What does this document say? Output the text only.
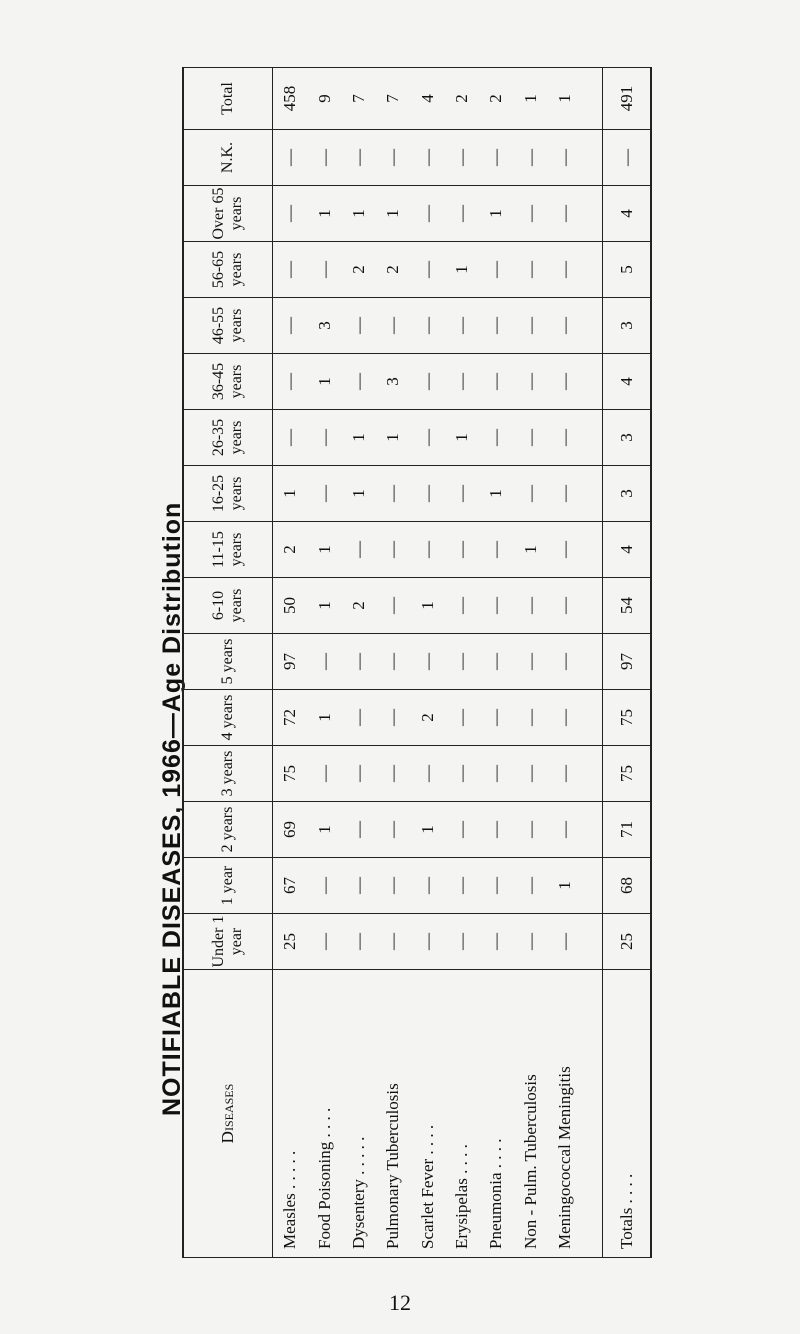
NOTIFIABLE DISEASES, 1966—Age Distribution Diseases	Under 1 year	1 year	2 years	3 years	4 years	5 years	6-10 years	11-15 years	16-25 years	26-35 years	36-45 years	46-55 years	56-65 years	Over 65 years	N.K.	Total
Measles . . . . .	25	67	69	75	72	97	50	2	1	—	—	—	—	—	—	458
Food Poisoning . . . .	—	—	1	—	1	—	1	1	—	—	1	3	—	1	—	9
Dysentery . . . . .	—	—	—	—	—	—	2	—	1	1	—	—	2	1	—	7
Pulmonary Tuberculosis	—	—	—	—	—	—	—	—	—	1	3	—	2	1	—	7
Scarlet Fever . . . .	—	—	1	—	2	—	1	—	—	—	—	—	—	—	—	4
Erysipelas . . . .	—	—	—	—	—	—	—	—	—	1	—	—	1	—	—	2
Pneumonia . . . .	—	—	—	—	—	—	—	—	1	—	—	—	—	1	—	2
Non - Pulm. Tuberculosis	—	—	—	—	—	—	—	1	—	—	—	—	—	—	—	1
Meningococcal Meningitis	—	1	—	—	—	—	—	—	—	—	—	—	—	—	—	1

Totals . . . .	25	68	71	75	75	97	54	4	3	3	4	3	5	4	—	491
12
